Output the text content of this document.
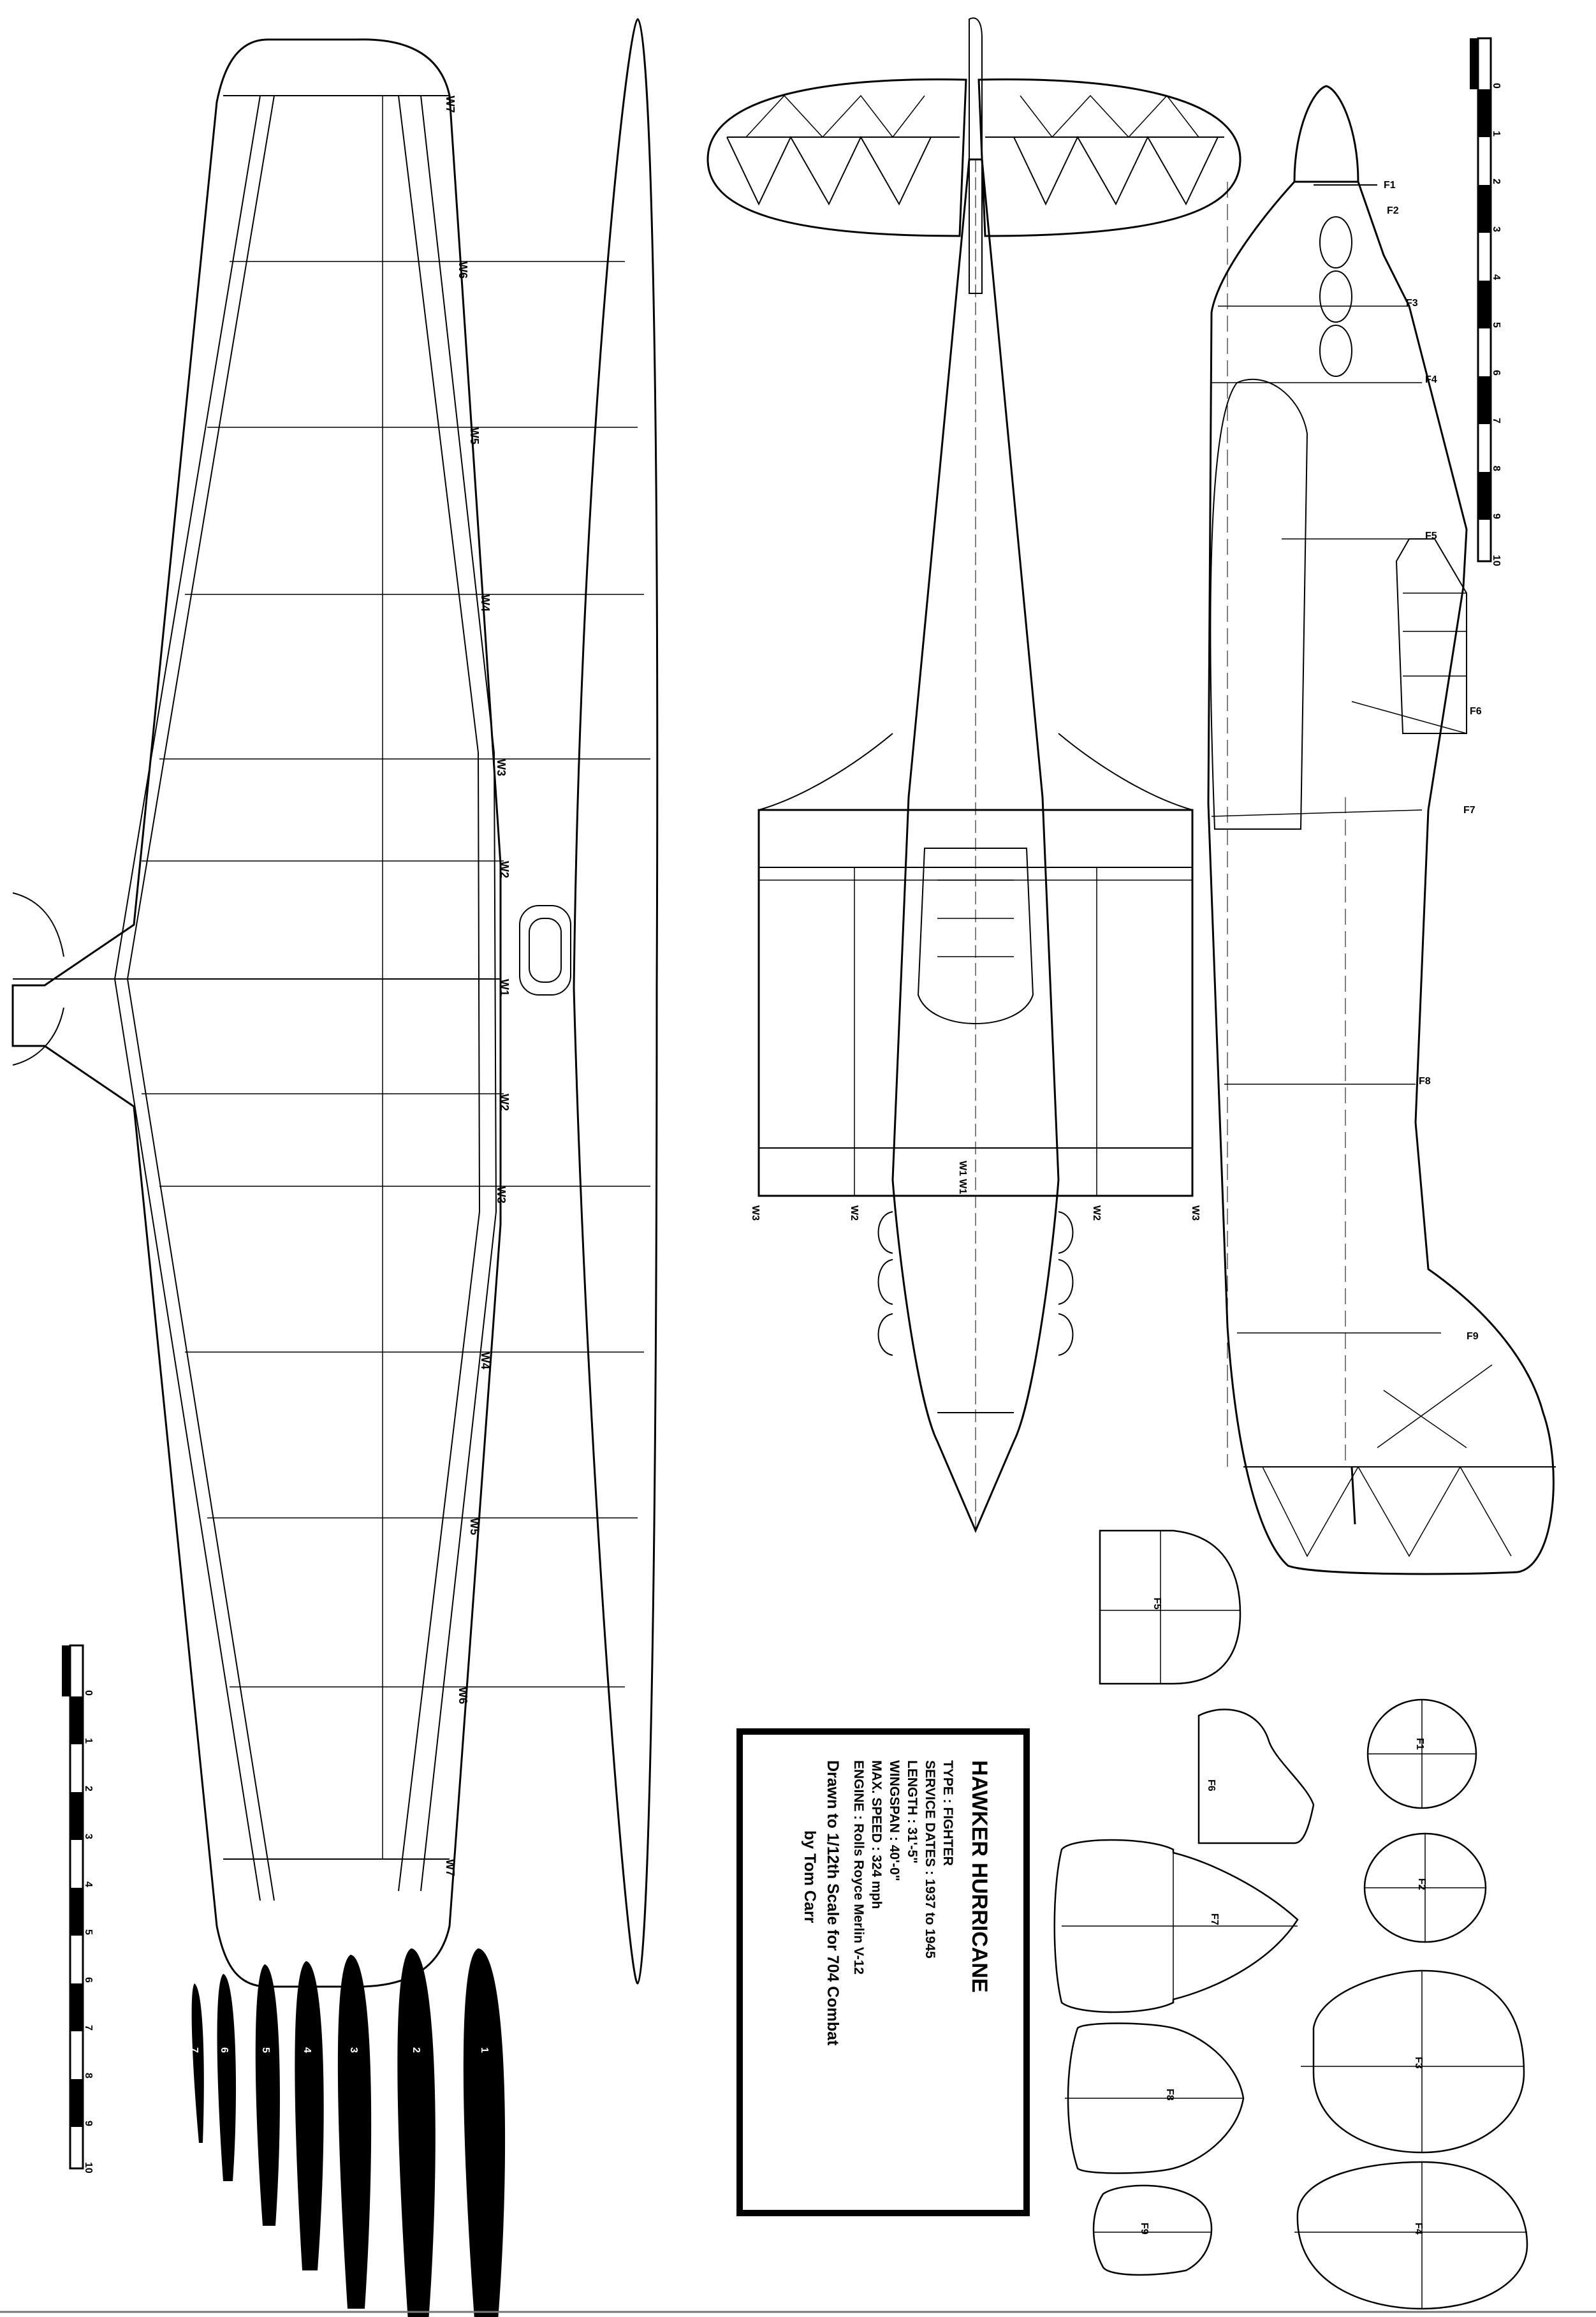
W7
W6
W5
W4
W3
W2
W1
W2
W3
W4
W5
W6
W7
W3	W2
W1 W1
W2	W3
F1
F2
F3
F4
F5
F6
F7
F8
F9
F1
F2
F3
F4
F5
F6
F7
F8
F9
7 6	5	4	3	2	1
HAWKER HURRICANE
TYPE : FIGHTER
SERVICE DATES : 1937 to 1945
LENGTH : 31'-5"
WINGSPAN : 40'-0"
MAX. SPEED : 324 mph
ENGINE : Rolls Royce Merlin V-12
Drawn to 1/12th Scale for 704 Combat
by Tom Carr
0
1
2
3
4
5
6
7
8
9
10
0
1
2
3
4
5
6
7
8
9
10
